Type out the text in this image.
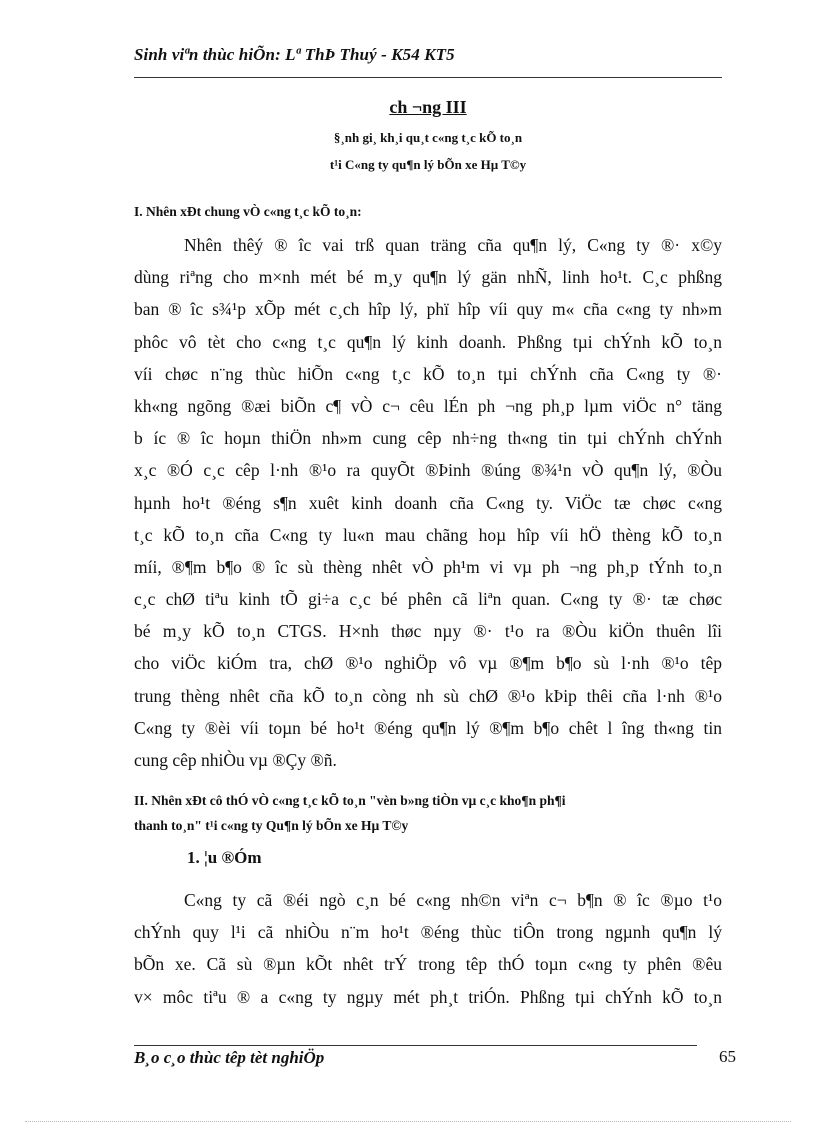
Sinh viªn thùc hiÕn: Lª ThÞ Thuý - K54 KT5
ch ¬ng III
§¸nh gi¸ kh¸i qu¸t c«ng t¸c kÕ to¸n
t¹i C«ng ty qu¶n lý bÕn xe Hµ T©y
I. Nhên xÐt chung vÒ c«ng t¸c kÕ to¸n:
Nhên thêý ® îc vai trß quan träng cña qu¶n lý, C«ng ty ®· x©y
dùng riªng cho m×nh mét bé m¸y qu¶n lý gän nhÑ, linh ho¹t. C¸c phßng
ban ® îc s¾¹p xÕp mét c¸ch hîp lý, phï hîp víi quy m« cña c«ng ty nh»m
phôc vô tèt cho c«ng t¸c qu¶n lý kinh doanh. Phßng tµi chÝnh kÕ to¸n
víi chøc n¨ng thùc hiÕn c«ng t¸c kÕ to¸n tµi chÝnh cña C«ng ty ®·
kh«ng ngõng ®æi biÕn c¶ vÒ c¬ cêu lÉn ph ¬ng ph¸p lµm viÖc n° täng
b íc ® îc hoµn thiÖn nh»m cung cêp nh÷ng th«ng tin tµi chÝnh chÝnh
x¸c ®Ó c¸c cêp l·nh ®¹o ra quyÕt ®Þinh ®úng ®¾¹n vÒ qu¶n lý, ®Òu
hµnh ho¹t ®éng s¶n xuêt kinh doanh cña C«ng ty. ViÖc tæ chøc c«ng
t¸c kÕ to¸n cña C«ng ty lu«n mau chãng hoµ hîp víi hÖ thèng kÕ to¸n
míi, ®¶m b¶o ® îc sù thèng nhêt vÒ ph¹m vi vµ ph ¬ng ph¸p tÝnh to¸n
c¸c chØ tiªu kinh tÕ gi÷a c¸c bé phên cã liªn quan. C«ng ty ®· tæ chøc
bé m¸y kÕ to¸n CTGS. H×nh thøc nµy ®· t¹o ra ®Òu kiÖn thuên lîi
cho viÖc kiÓm tra, chØ ®¹o nghiÖp vô vµ ®¶m b¶o sù l·nh ®¹o têp
trung thèng nhêt cña kÕ to¸n còng nh sù chØ ®¹o kÞip thêi cña l·nh ®¹o
C«ng ty ®èi víi toµn bé ho¹t ®éng qu¶n lý ®¶m b¶o chêt l îng th«ng tin
cung cêp nhiÒu vµ ®Çy ®ñ.
II. Nhên xÐt cô thÓ vÒ c«ng t¸c kÕ to¸n "vèn b»ng tiÒn vµ c¸c kho¶n ph¶i
thanh to¸n" t¹i c«ng ty Qu¶n lý bÕn xe Hµ T©y
1. ¦u ®Óm
C«ng ty cã ®éi ngò c¸n bé c«ng nh©n viªn c¬ b¶n ® îc ®µo t¹o
chÝnh quy l¹i cã nhiÒu n¨m ho¹t ®éng thùc tiÔn trong ngµnh qu¶n lý
bÕn xe. Cã sù ®µn kÕt nhêt trÝ trong têp thÓ toµn c«ng ty phên ®êu
v× môc tiªu ® a c«ng ty ngµy mét ph¸t triÓn. Phßng tµi chÝnh kÕ to¸n
B¸o c¸o thùc têp tèt nghiÖp	65
